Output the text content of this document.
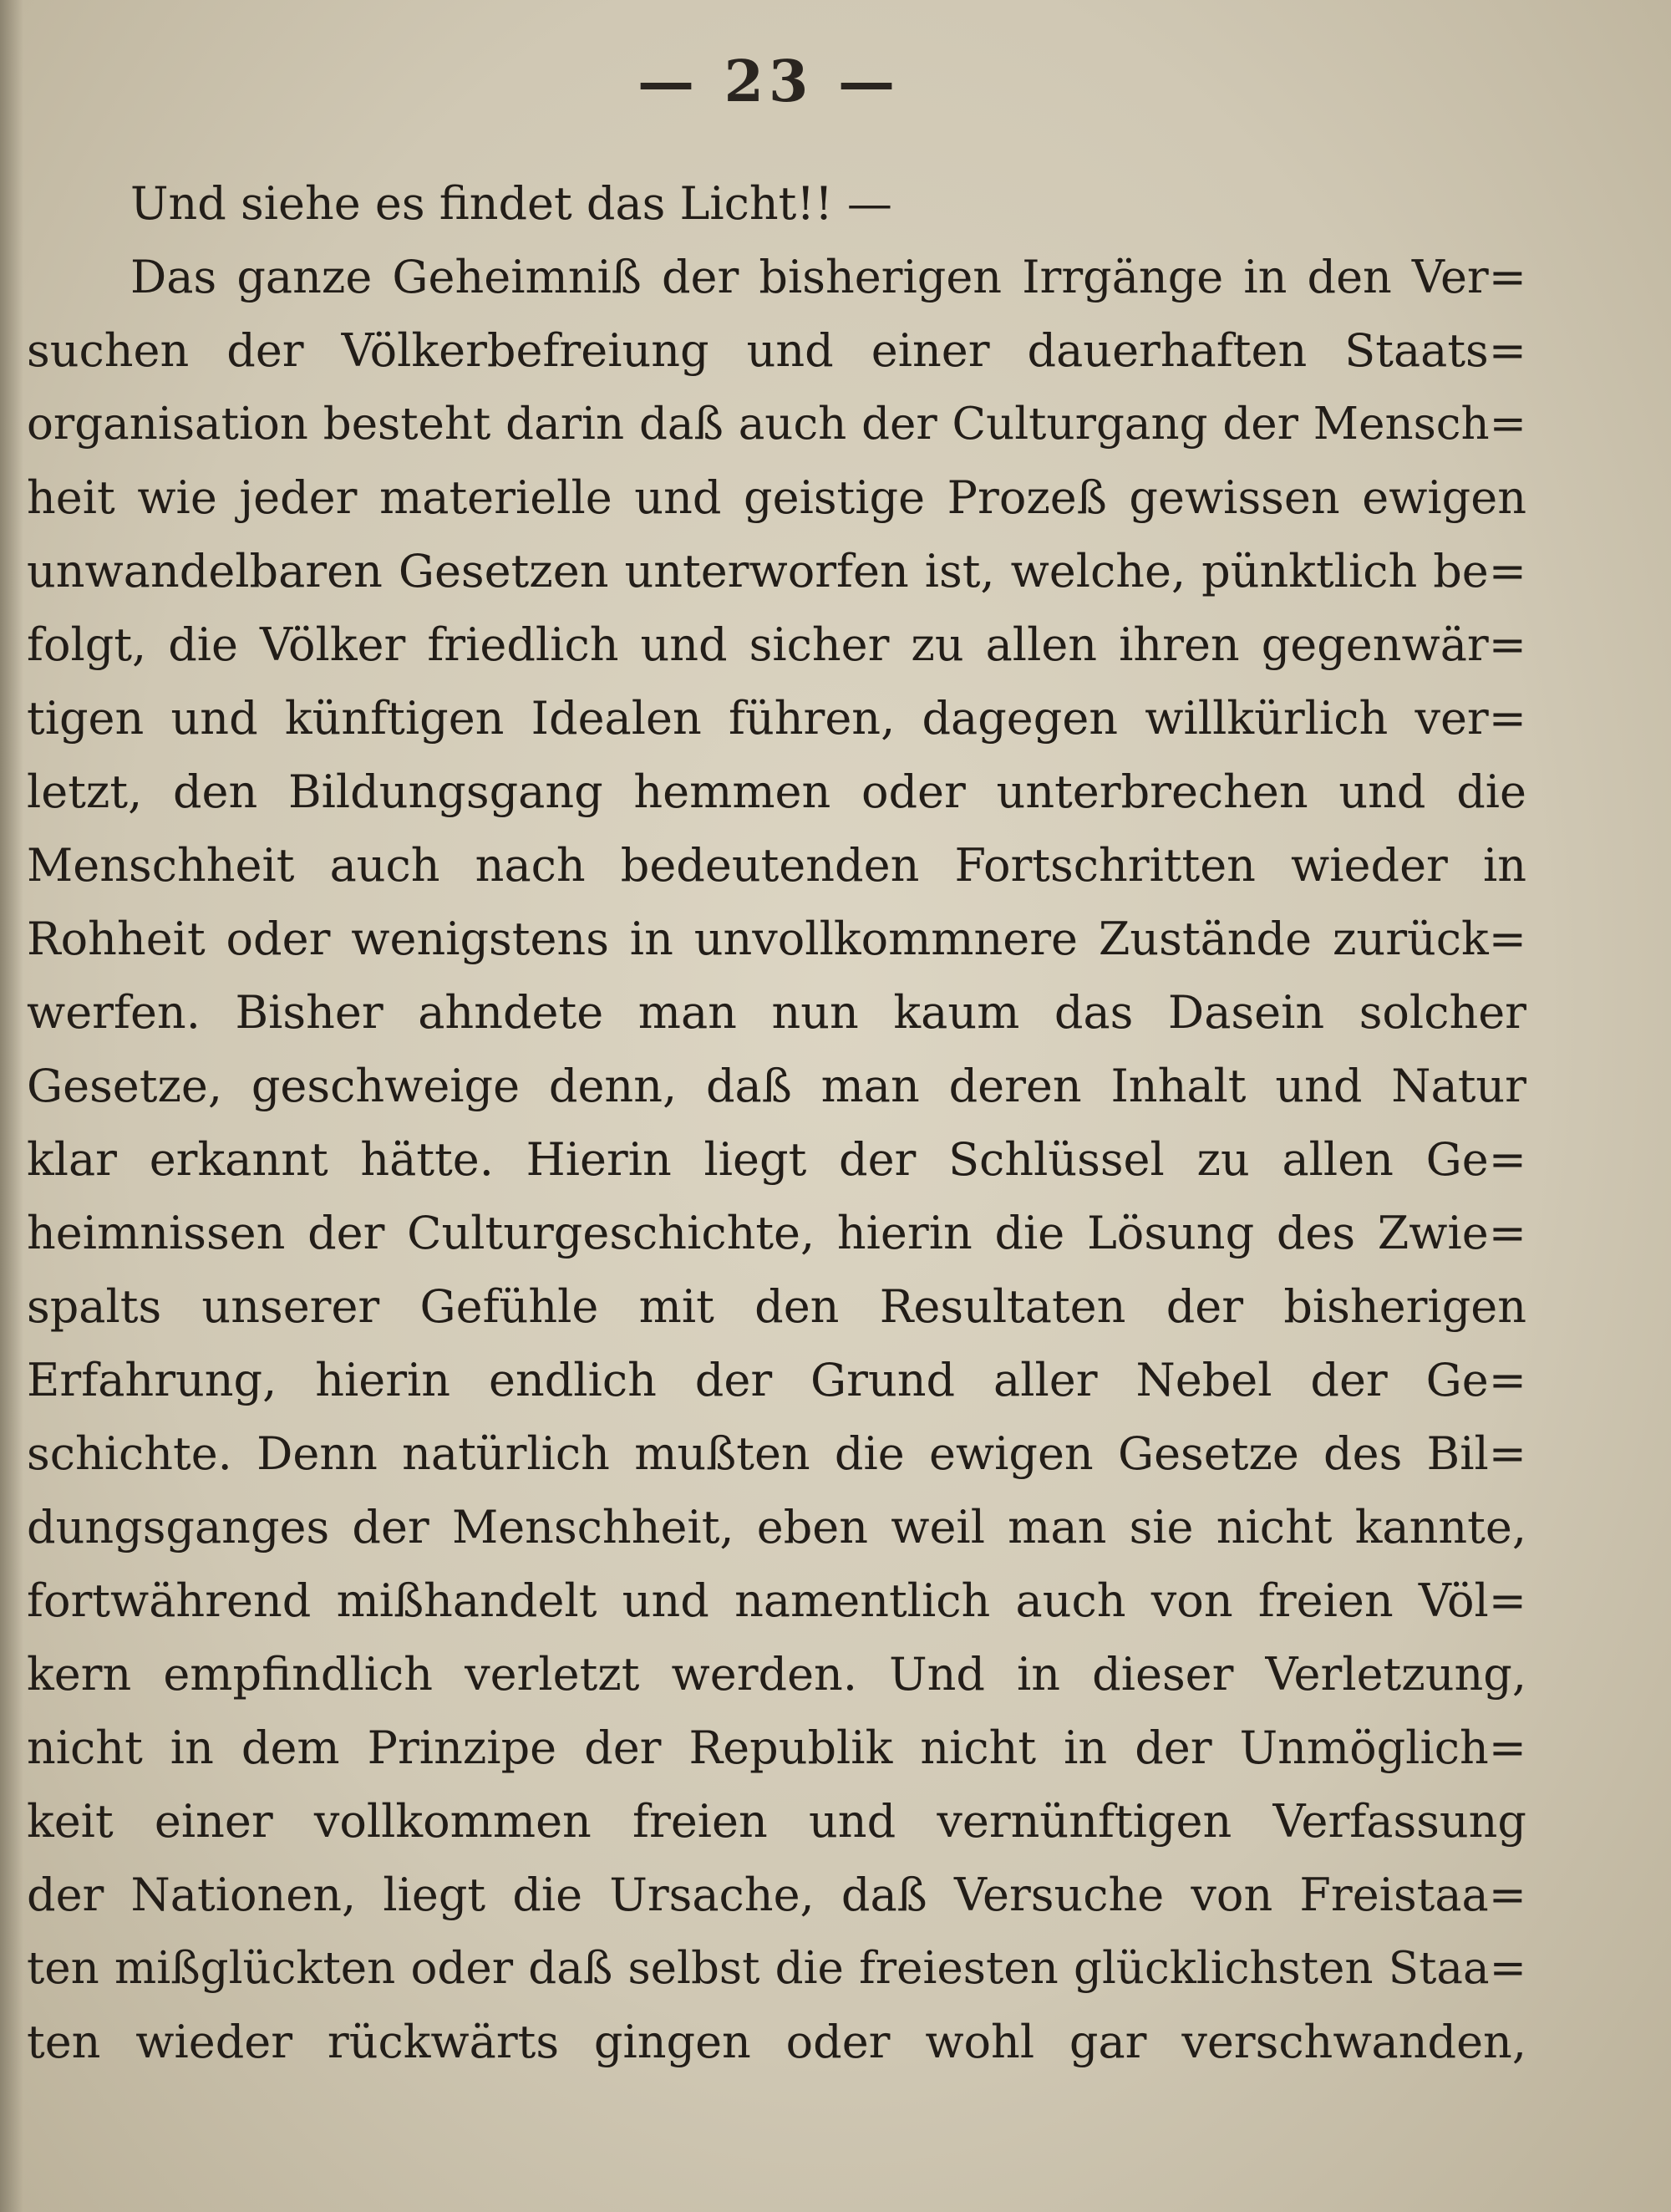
— 23 —
Und siehe es findet das Licht!! —
Das ganze Geheimniß der bisherigen Irrgänge in den Ver=
suchen der Völkerbefreiung und einer dauerhaften Staats=
organisation besteht darin daß auch der Culturgang der Mensch=
heit wie jeder materielle und geistige Prozeß gewissen ewigen
unwandelbaren Gesetzen unterworfen ist, welche, pünktlich be=
folgt, die Völker friedlich und sicher zu allen ihren gegenwär=
tigen und künftigen Idealen führen, dagegen willkürlich ver=
letzt, den Bildungsgang hemmen oder unterbrechen und die
Menschheit auch nach bedeutenden Fortschritten wieder in
Rohheit oder wenigstens in unvollkommnere Zustände zurück=
werfen. Bisher ahndete man nun kaum das Dasein solcher
Gesetze, geschweige denn, daß man deren Inhalt und Natur
klar erkannt hätte. Hierin liegt der Schlüssel zu allen Ge=
heimnissen der Culturgeschichte, hierin die Lösung des Zwie=
spalts unserer Gefühle mit den Resultaten der bisherigen
Erfahrung, hierin endlich der Grund aller Nebel der Ge=
schichte. Denn natürlich mußten die ewigen Gesetze des Bil=
dungsganges der Menschheit, eben weil man sie nicht kannte,
fortwährend mißhandelt und namentlich auch von freien Völ=
kern empfindlich verletzt werden. Und in dieser Verletzung,
nicht in dem Prinzipe der Republik nicht in der Unmöglich=
keit einer vollkommen freien und vernünftigen Verfassung
der Nationen, liegt die Ursache, daß Versuche von Freistaa=
ten mißglückten oder daß selbst die freiesten glücklichsten Staa=
ten wieder rückwärts gingen oder wohl gar verschwanden,
